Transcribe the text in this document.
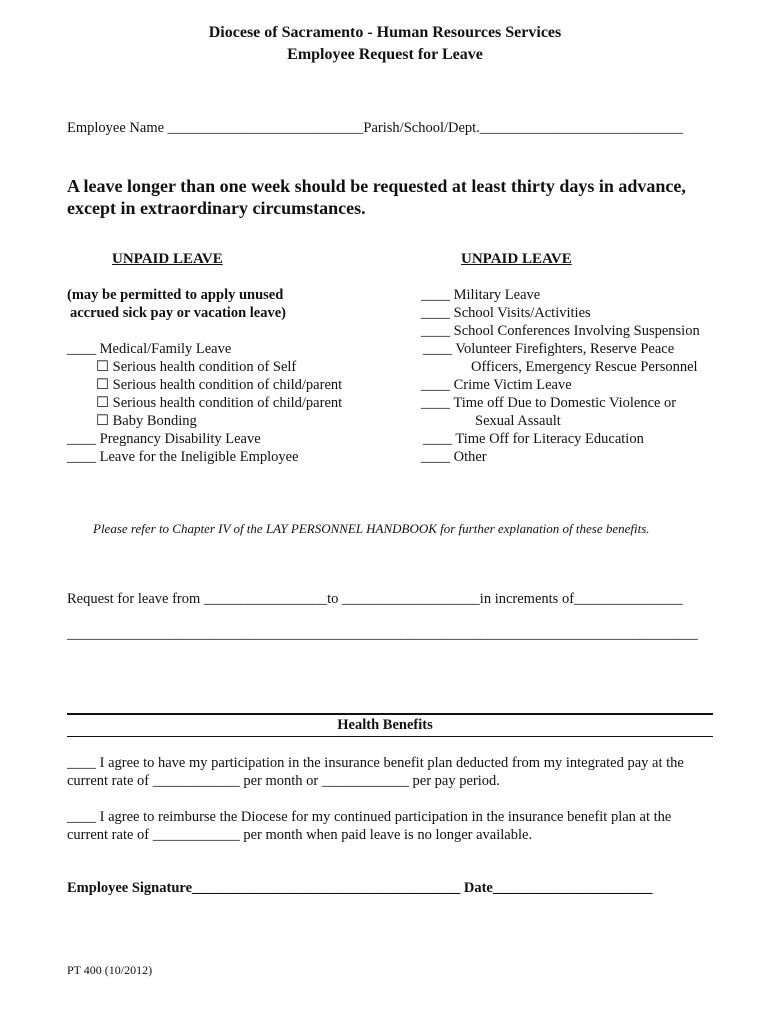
Diocese of Sacramento - Human Resources Services
Employee Request for Leave
Employee Name ___________________________Parish/School/Dept.____________________________
A leave longer than one week should be requested at least thirty days in advance,
except in extraordinary circumstances.
UNPAID LEAVE	UNPAID LEAVE
(may be permitted to apply unused
accrued sick pay or vacation leave)
____ Medical/Family Leave
☐ Serious health condition of Self
☐ Serious health condition of child/parent
☐ Serious health condition of child/parent
☐ Baby Bonding
____ Pregnancy Disability Leave
____ Leave for the Ineligible Employee
____ Military Leave
____ School Visits/Activities
____ School Conferences Involving Suspension
____ Volunteer Firefighters, Reserve Peace
Officers, Emergency Rescue Personnel
____ Crime Victim Leave
____ Time off Due to Domestic Violence or
Sexual Assault
____ Time Off for Literacy Education
____ Other
Please refer to Chapter IV of the LAY PERSONNEL HANDBOOK for further explanation of these benefits.
Request for leave from _________________to ___________________in increments of_______________
_______________________________________________________________________________________
Health Benefits
____ I agree to have my participation in the insurance benefit plan deducted from my integrated pay at the
current rate of ____________ per month or ____________ per pay period.
____ I agree to reimburse the Diocese for my continued participation in the insurance benefit plan at the
current rate of ____________ per month when paid leave is no longer available.
Employee Signature_____________________________________ Date______________________
PT 400 (10/2012)
